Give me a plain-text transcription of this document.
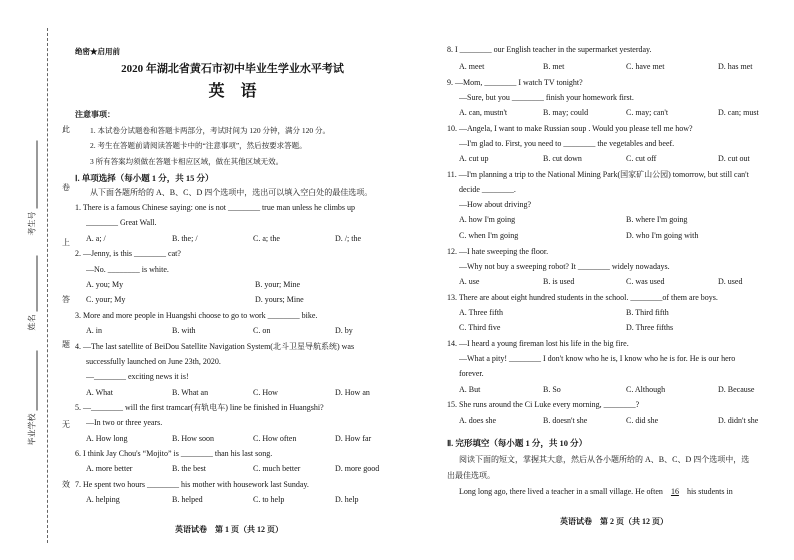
考生号
姓名
毕业学校
此
卷
上
答
题
无
效
绝密★启用前
2020 年湖北省黄石市初中毕业生学业水平考试
英　语
注意事项：
1. 本试卷分试题卷和答题卡两部分，考试时间为 120 分钟，满分 120 分。
2. 考生在答题前请阅读答题卡中的“注意事项”，然后按要求答题。
3 所有答案均须做在答题卡相应区域，做在其他区域无效。
Ⅰ. 单项选择（每小题 1 分，共 15 分）
从下面各题所给的 A、B、C、D 四个选项中，选出可以填入空白处的最佳选项。
1. There is a famous Chinese saying: one is not ________ true man unless he climbs up
________ Great Wall.
A. a; /	B. the; /	C. a; the	D. /; the
2. —Jenny, is this ________ cat?
—No. ________ is white.
A. you; My	B. your; Mine
C. your; My	D. yours; Mine
3. More and more people in Huangshi choose to go to work ________ bike.
A. in	B. with	C. on	D. by
4. —The last satellite of BeiDou Satellite Navigation System(北斗卫星导航系统) was
successfully launched on June 23th, 2020.
—________ exciting news it is!
A. What	B. What an	C. How	D. How an
5. —________ will the first tramcar(有轨电车) line be finished in Huangshi?
—In two or three years.
A. How long	B. How soon	C. How often	D. How far
6. I think Jay Chou's “Mojito” is ________ than his last song.
A. more better	B. the best	C. much better	D. more good
7. He spent two hours ________ his mother with housework last Sunday.
A. helping	B. helped	C. to help	D. help
英语试卷　第 1 页（共 12 页）
8. I ________ our English teacher in the supermarket yesterday.
A. meet	B. met	C. have met	D. has met
9. —Mom, ________ I watch TV tonight?
—Sure, but you ________ finish your homework first.
A. can, mustn't	B. may; could	C. may; can't	D. can; must
10. —Angela, I want to make Russian soup . Would you please tell me how?
—I'm glad to. First, you need to ________ the vegetables and beef.
A. cut up	B. cut down	C. cut off	D. cut out
11. —I'm planning a trip to the National Mining Park(国家矿山公园) tomorrow, but still can't
decide ________.
—How about driving?
A. how I'm going	B. where I'm going
C. when I'm going	D. who I'm going with
12. —I hate sweeping the floor.
—Why not buy a sweeping robot? It ________ widely nowadays.
A. use	B. is used	C. was used	D. used
13. There are about eight hundred students in the school. ________of them are boys.
A. Three fifth	B. Third fifth
C. Third five	D. Three fifths
14. —I heard a young fireman lost his life in the big fire.
—What a pity! ________ I don't know who he is, I know who he is for. He is our hero
forever.
A. But	B. So	C. Although	D. Because
15. She runs around the Ci Luke every morning, ________?
A. does she	B. doesn't she	C. did she	D. didn't she
Ⅱ. 完形填空（每小题 1 分，共 10 分）
阅读下面的短文，掌握其大意，然后从各小题所给的 A、B、C、D 四个选项中，选
出最佳选项。
Long long ago, there lived a teacher in a small village. He often 16 his students in
英语试卷　第 2 页（共 12 页）
